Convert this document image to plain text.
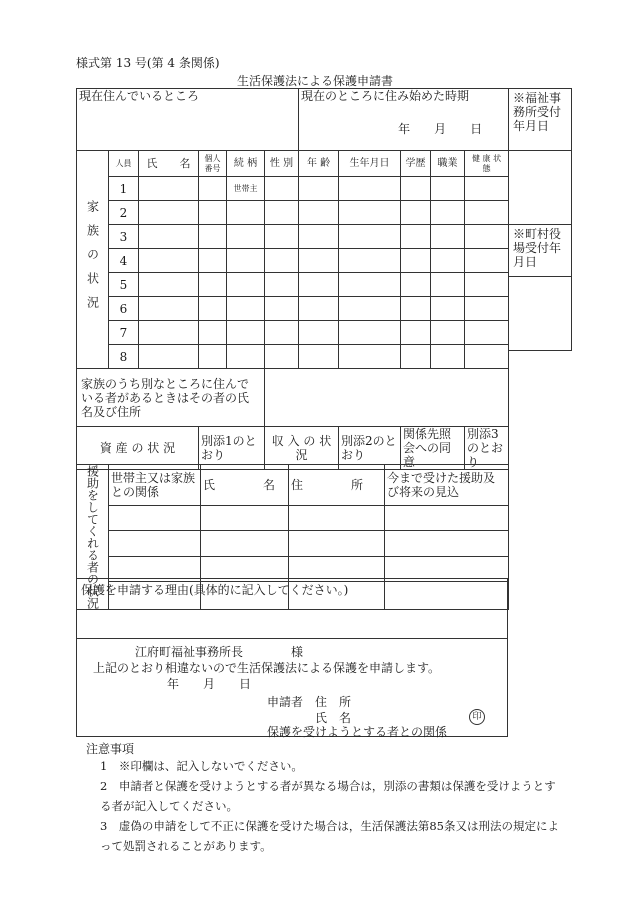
様式第 13 号(第 4 条関係)
生活保護法による保護申請書
現在住んでいるところ						現在のところに住み始めた時期
年　　月　　日				

家族の状況	人員	氏　　名	個人番号	続 柄	性 別	年 齢	生年月日	学歴	職業	健 康 状 態
	1			世帯主						
	2									
	3									
	4									
	5									
	6									
	7									
	8									
家族のうち別なところに住んでいる者があるときはその者の氏名及び住所										
資 産 の 状 況			別添1のとおり		収 入 の 状 況		別添2のとおり	関係先照会への同意		別添3のとおり
※福祉事務所受付年月日

※町村役場受付年月日

援助をしてくれる者の状況	世帯主又は家族との関係	氏　　　　名	住　　　　所	今まで受けた援助及び将来の見込

保護を申請する理由(具体的に記入してください。)

江府町福祉事務所長　　　　様
上記のとおり相違ないので生活保護法による保護を申請します。
年　　月　　日
申請者　住　所
氏　名	印
保護を受けようとする者との関係
注意事項
1　※印欄は、記入しないでください。
2　申請者と保護を受けようとする者が異なる場合は，別添の書類は保護を受けようとする者が記入してください。
3　虚偽の申請をして不正に保護を受けた場合は，生活保護法第85条又は刑法の規定によって処罰されることがあります。
